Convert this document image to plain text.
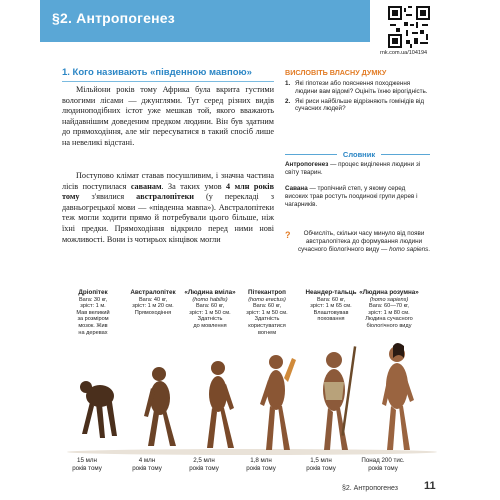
§2. Антропогенез
rnk.com.ua/104194
1. Кого називають «південною мавпою»

Мільйони років тому Африка була вкрита густими вологими лісами — джунглями. Тут серед різних видів людиноподібних істот уже мешкав той, якого вважають найдавнішим доведеним предком людини. Він був здатним до прямоходіння, але міг пересуватися в такий спосіб лише на невеликі відстані.

Поступово клімат ставав посушливим, і значна частина лісів поступилася саванам. За таких умов 4 млн років тому з'явилися австралопітеки (у перекладі з давньогрецької мови — «південна мавпа»). Австралопітеки теж могли ходити прямо й потребували цього більше, ніж їхні предки. Прямоходіння відкрило перед ними нові можливості. Вони із чотирьох кінцівок могли

ВИСЛОВІТЬ ВЛАСНУ ДУМКУ
1. Які гіпотези або пояснення походження людини вам відомі? Оцініть їхню вірогідність.
2. Які риси найбільше відрізняють гомінідів від сучасних людей?
Словник
Антропогенез — процес виділення людини зі світу тварин.
Савана — тропічний степ, у якому серед високих трав ростуть поодинокі групи дерев і чагарників.
?	Обчисліть, скільки часу минуло від появи австралопітека до формування людини сучасного біологічного виду — homo sapiens.
Дріопітек
Вага: 30 кг,
зріст: 1 м.
Мав великий
за розміром
мозок. Жив
на деревах
Австралопітек
Вага: 40 кг,
зріст: 1 м 20 см.
Прямоходіння
«Людина вміла»
(homo habilis)
Вага: 60 кг,
зріст: 1 м 50 см.
Здатність
до мовлення
Пітекантроп
(homo erectus)
Вага: 60 кг,
зріст: 1 м 50 см.
Здатність
користуватися
вогнем
Неандер-тальць
Вага: 60 кг,
зріст: 1 м 65 см.
Влаштовував
поховання
«Людина розумна»
(homo sapiens)
Вага: 60—70 кг,
зріст: 1 м 80 см.
Людина сучасного
біологічного виду
15 млн
років тому
4 млн
років тому
2,5 млн
років тому
1,8 млн
років тому
1,5 млн
років тому
Понад 200 тис.
років тому
§2. Антропогенез 11
